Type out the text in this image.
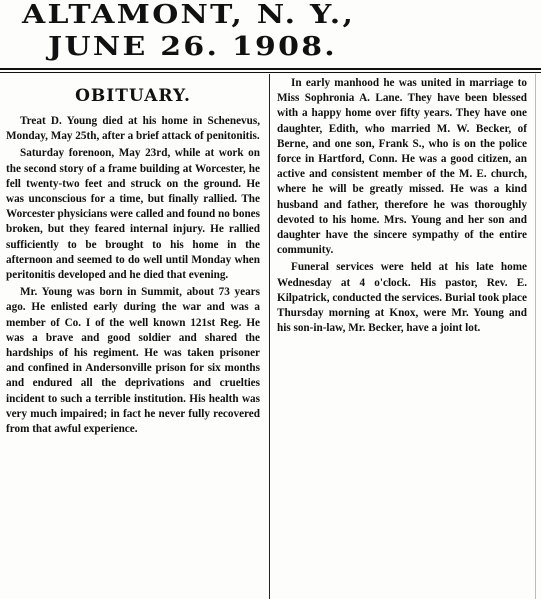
ALTAMONT, N. Y.,
JUNE 26. 1908.
OBITUARY.

Treat D. Young died at his home in Schenevus, Monday, May 25th, after a brief attack of penitonitis.

Saturday forenoon, May 23rd, while at work on the second story of a frame building at Worcester, he fell twenty-two feet and struck on the ground. He was unconscious for a time, but finally rallied. The Worcester physicians were called and found no bones broken, but they feared internal injury. He rallied sufficiently to be brought to his home in the afternoon and seemed to do well until Monday when peritonitis developed and he died that evening.

Mr. Young was born in Summit, about 73 years ago. He enlisted early during the war and was a member of Co. I of the well known 121st Reg. He was a brave and good soldier and shared the hardships of his regiment. He was taken prisoner and confined in Andersonville prison for six months and endured all the deprivations and cruelties incident to such a terrible institution. His health was very much impaired; in fact he never fully recovered from that awful experience.

In early manhood he was united in marriage to Miss Sophronia A. Lane. They have been blessed with a happy home over fifty years. They have one daughter, Edith, who married M. W. Becker, of Berne, and one son, Frank S., who is on the police force in Hartford, Conn. He was a good citizen, an active and consistent member of the M. E. church, where he will be greatly missed. He was a kind husband and father, therefore he was thoroughly devoted to his home. Mrs. Young and her son and daughter have the sincere sympathy of the entire community.

Funeral services were held at his late home Wednesday at 4 o'clock. His pastor, Rev. E. Kilpatrick, conducted the services. Burial took place Thursday morning at Knox, were Mr. Young and his son-in-law, Mr. Becker, have a joint lot.
